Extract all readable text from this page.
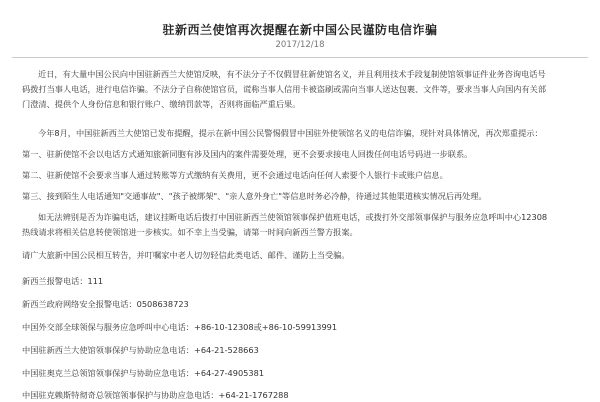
驻新西兰使馆再次提醒在新中国公民谨防电信诈骗
2017/12/18
近日，有大量中国公民向中国驻新西兰大使馆反映，有不法分子不仅假冒驻新使馆名义，并且利用技术手段复制使馆领事证件业务咨询电话号
码拨打当事人电话，进行电信诈骗。不法分子自称使馆官员，谎称当事人信用卡被盗刷或需向当事人送达包裹、文件等，要求当事人向国内有关部
门澄清、提供个人身份信息和银行账户、缴纳罚款等，否则将面临严重后果。
今年8月，中国驻新西兰大使馆已发布提醒，提示在新中国公民警惕假冒中国驻外使领馆名义的电信诈骗，现针对具体情况，再次郑重提示：
第一、驻新使馆不会以电话方式通知旅新同胞有涉及国内的案件需要处理，更不会要求接电人回拨任何电话号码进一步联系。
第二、驻新使馆不会要求当事人通过转账等方式缴纳有关费用，更不会通过电话向任何人索要个人银行卡或账户信息。
第三、接到陌生人电话通知"交通事故"、"孩子被绑架"、"亲人意外身亡"等信息时务必冷静，待通过其他渠道核实情况后再处理。
如无法辨别是否为诈骗电话，建议挂断电话后拨打中国驻新西兰使领馆领事保护值班电话，或拨打外交部领事保护与服务应急呼叫中心12308
热线请求将相关信息转使领馆进一步核实。如不幸上当受骗，请第一时间向新西兰警方报案。
请广大旅新中国公民相互转告，并叮嘱家中老人切勿轻信此类电话、邮件、谨防上当受骗。
新西兰报警电话：111
新西兰政府网络安全报警电话：0508638723
中国外交部全球领保与服务应急呼叫中心电话：+86-10-12308或+86-10-59913991
中国驻新西兰大使馆领事保护与协助应急电话：+64-21-528663
中国驻奥克兰总领馆领事保护与协助应急电话：+64-27-4905381
中国驻克赖斯特彻奇总领馆领事保护与协助应急电话：+64-21-1767288
